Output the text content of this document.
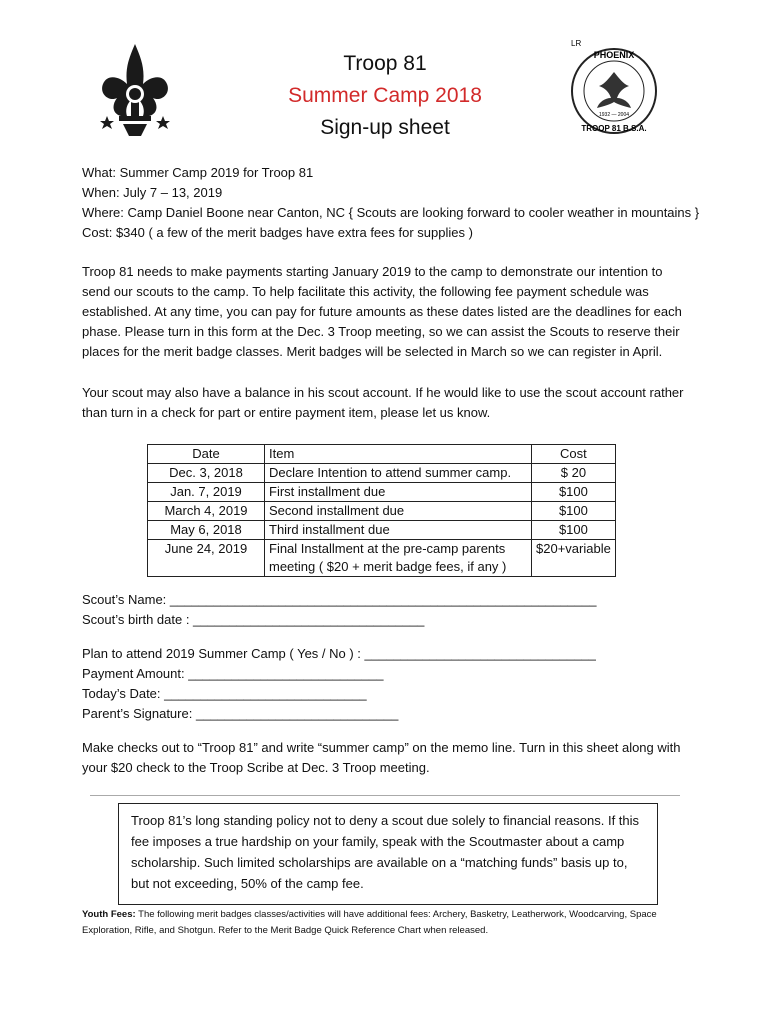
PHOENIX
TROOP 81 B.S.A.
1932 — 2004
LR
Troop 81
Summer Camp 2018
Sign-up sheet
What: Summer Camp 2019 for Troop 81
When: July 7 – 13, 2019
Where: Camp Daniel Boone near Canton, NC { Scouts are looking forward to cooler weather in mountains }
Cost: $340 ( a few of the merit badges have extra fees for supplies )
Troop 81 needs to make payments starting January 2019 to the camp to demonstrate our intention to send our scouts to the camp. To help facilitate this activity, the following fee payment schedule was established. At any time, you can pay for future amounts as these dates listed are the deadlines for each phase. Please turn in this form at the Dec. 3 Troop meeting, so we can assist the Scouts to reserve their places for the merit badge classes. Merit badges will be selected in March so we can register in April.
Your scout may also have a balance in his scout account. If he would like to use the scout account rather than turn in a check for part or entire payment item, please let us know.
Date	Item	Cost
Dec. 3, 2018	Declare Intention to attend summer camp.	$ 20
Jan. 7, 2019	First installment due	$100
March 4, 2019	Second installment due	$100
May 6, 2018	Third installment due	$100
June 24, 2019	Final Installment at the pre-camp parents meeting ( $20 + merit badge fees, if any )	$20+variable
Scout’s Name: ___________________________________________________________
Scout’s birth date : ________________________________
Plan to attend 2019 Summer Camp ( Yes / No ) : ________________________________
Payment Amount: ___________________________
Today’s Date: ____________________________
Parent’s Signature: ____________________________
Make checks out to “Troop 81” and write “summer camp” on the memo line. Turn in this sheet along with your $20 check to the Troop Scribe at Dec. 3 Troop meeting.
Troop 81’s long standing policy not to deny a scout due solely to financial reasons. If this fee imposes a true hardship on your family, speak with the Scoutmaster about a camp scholarship. Such limited scholarships are available on a “matching funds” basis up to, but not exceeding, 50% of the camp fee.
Youth Fees: The following merit badges classes/activities will have additional fees: Archery, Basketry, Leatherwork, Woodcarving, Space Exploration, Rifle, and Shotgun. Refer to the Merit Badge Quick Reference Chart when released.
